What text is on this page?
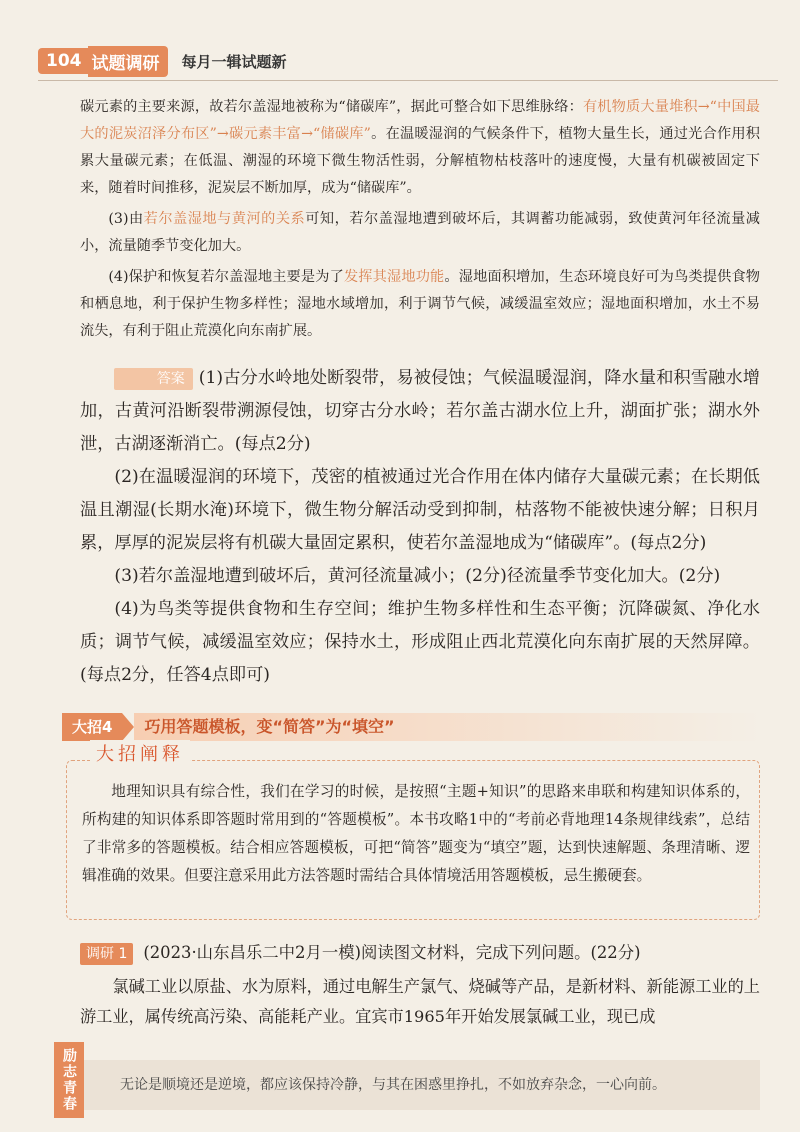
104 试题调研	每月一辑试题新

碳元素的主要来源，故若尔盖湿地被称为“储碳库”，据此可整合如下思维脉络：有机物质大量堆积→“中国最大的泥炭沼泽分布区”→碳元素丰富→“储碳库”。在温暖湿润的气候条件下，植物大量生长，通过光合作用积累大量碳元素；在低温、潮湿的环境下微生物活性弱，分解植物枯枝落叶的速度慢，大量有机碳被固定下来，随着时间推移，泥炭层不断加厚，成为“储碳库”。

(3)由若尔盖湿地与黄河的关系可知，若尔盖湿地遭到破坏后，其调蓄功能减弱，致使黄河年径流量减小，流量随季节变化加大。

(4)保护和恢复若尔盖湿地主要是为了发挥其湿地功能。湿地面积增加，生态环境良好可为鸟类提供食物和栖息地，利于保护生物多样性；湿地水域增加，利于调节气候，减缓温室效应；湿地面积增加，水土不易流失，有利于阻止荒漠化向东南扩展。

答案 (1)古分水岭地处断裂带，易被侵蚀；气候温暖湿润，降水量和积雪融水增加，古黄河沿断裂带溯源侵蚀，切穿古分水岭；若尔盖古湖水位上升，湖面扩张；湖水外泄，古湖逐渐消亡。(每点2分)

(2)在温暖湿润的环境下，茂密的植被通过光合作用在体内储存大量碳元素；在长期低温且潮湿(长期水淹)环境下，微生物分解活动受到抑制，枯落物不能被快速分解；日积月累，厚厚的泥炭层将有机碳大量固定累积，使若尔盖湿地成为“储碳库”。(每点2分)

(3)若尔盖湿地遭到破坏后，黄河径流量减小；(2分)径流量季节变化加大。(2分)

(4)为鸟类等提供食物和生存空间；维护生物多样性和生态平衡；沉降碳氮、净化水质；调节气候，减缓温室效应；保持水土，形成阻止西北荒漠化向东南扩展的天然屏障。(每点2分，任答4点即可)

大招4	巧用答题模板，变“简答”为“填空”
大招阐释

地理知识具有综合性，我们在学习的时候，是按照“主题+知识”的思路来串联和构建知识体系的，所构建的知识体系即答题时常用到的“答题模板”。本书攻略1中的“考前必背地理14条规律线索”，总结了非常多的答题模板。结合相应答题模板，可把“简答”题变为“填空”题，达到快速解题、条理清晰、逻辑准确的效果。但要注意采用此方法答题时需结合具体情境活用答题模板，忌生搬硬套。

调研 1 (2023·山东昌乐二中2月一模)阅读图文材料，完成下列问题。(22分)

氯碱工业以原盐、水为原料，通过电解生产氯气、烧碱等产品，是新材料、新能源工业的上游工业，属传统高污染、高能耗产业。宜宾市1965年开始发展氯碱工业，现已成

励志青春	无论是顺境还是逆境，都应该保持冷静，与其在困惑里挣扎，不如放弃杂念，一心向前。
